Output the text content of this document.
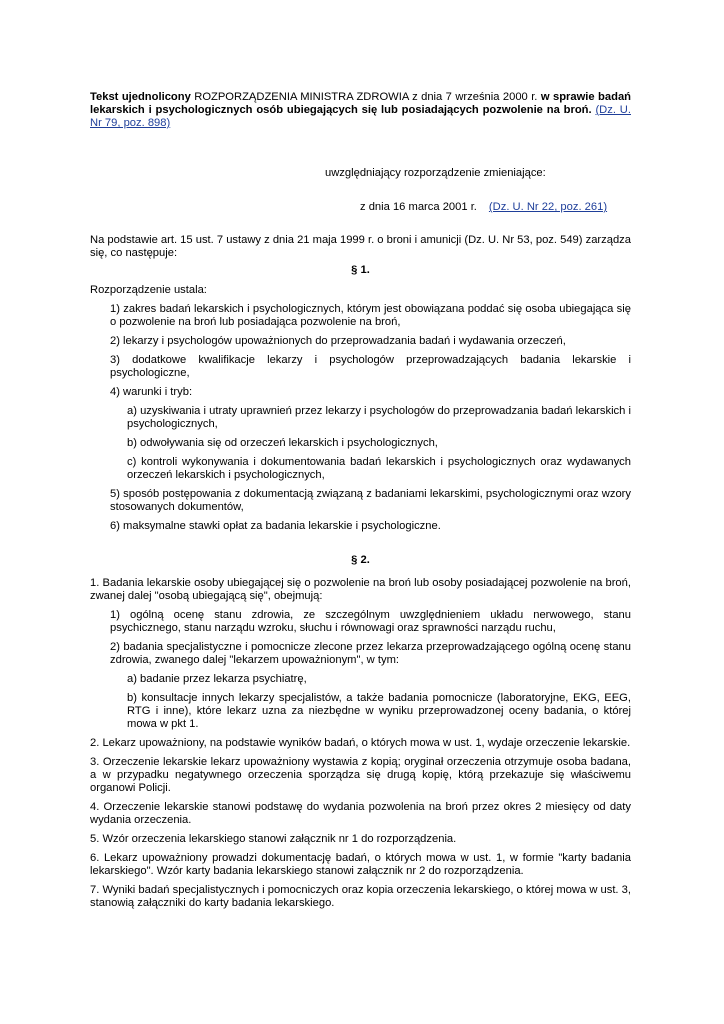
Tekst ujednolicony ROZPORZĄDZENIA MINISTRA ZDROWIA z dnia 7 września 2000 r. w sprawie badań lekarskich i psychologicznych osób ubiegających się lub posiadających pozwolenie na broń. (Dz. U. Nr 79, poz. 898)

uwzględniający rozporządzenie zmieniające:

z dnia 16 marca 2001 r. (Dz. U. Nr 22, poz. 261)

Na podstawie art. 15 ust. 7 ustawy z dnia 21 maja 1999 r. o broni i amunicji (Dz. U. Nr 53, poz. 549) zarządza się, co następuje:

§ 1.

Rozporządzenie ustala:

1) zakres badań lekarskich i psychologicznych, którym jest obowiązana poddać się osoba ubiegająca się o pozwolenie na broń lub posiadająca pozwolenie na broń,

2) lekarzy i psychologów upoważnionych do przeprowadzania badań i wydawania orzeczeń,

3) dodatkowe kwalifikacje lekarzy i psychologów przeprowadzających badania lekarskie i psychologiczne,

4) warunki i tryb:

a) uzyskiwania i utraty uprawnień przez lekarzy i psychologów do przeprowadzania badań lekarskich i psychologicznych,

b) odwoływania się od orzeczeń lekarskich i psychologicznych,

c) kontroli wykonywania i dokumentowania badań lekarskich i psychologicznych oraz wydawanych orzeczeń lekarskich i psychologicznych,

5) sposób postępowania z dokumentacją związaną z badaniami lekarskimi, psychologicznymi oraz wzory stosowanych dokumentów,

6) maksymalne stawki opłat za badania lekarskie i psychologiczne.

§ 2.

1. Badania lekarskie osoby ubiegającej się o pozwolenie na broń lub osoby posiadającej pozwolenie na broń, zwanej dalej "osobą ubiegającą się", obejmują:

1) ogólną ocenę stanu zdrowia, ze szczególnym uwzględnieniem układu nerwowego, stanu psychicznego, stanu narządu wzroku, słuchu i równowagi oraz sprawności narządu ruchu,

2) badania specjalistyczne i pomocnicze zlecone przez lekarza przeprowadzającego ogólną ocenę stanu zdrowia, zwanego dalej "lekarzem upoważnionym", w tym:

a) badanie przez lekarza psychiatrę,

b) konsultacje innych lekarzy specjalistów, a także badania pomocnicze (laboratoryjne, EKG, EEG, RTG i inne), które lekarz uzna za niezbędne w wyniku przeprowadzonej oceny badania, o której mowa w pkt 1.

2. Lekarz upoważniony, na podstawie wyników badań, o których mowa w ust. 1, wydaje orzeczenie lekarskie.

3. Orzeczenie lekarskie lekarz upoważniony wystawia z kopią; oryginał orzeczenia otrzymuje osoba badana, a w przypadku negatywnego orzeczenia sporządza się drugą kopię, którą przekazuje się właściwemu organowi Policji.

4. Orzeczenie lekarskie stanowi podstawę do wydania pozwolenia na broń przez okres 2 miesięcy od daty wydania orzeczenia.

5. Wzór orzeczenia lekarskiego stanowi załącznik nr 1 do rozporządzenia.

6. Lekarz upoważniony prowadzi dokumentację badań, o których mowa w ust. 1, w formie "karty badania lekarskiego". Wzór karty badania lekarskiego stanowi załącznik nr 2 do rozporządzenia.

7. Wyniki badań specjalistycznych i pomocniczych oraz kopia orzeczenia lekarskiego, o której mowa w ust. 3, stanowią załączniki do karty badania lekarskiego.
